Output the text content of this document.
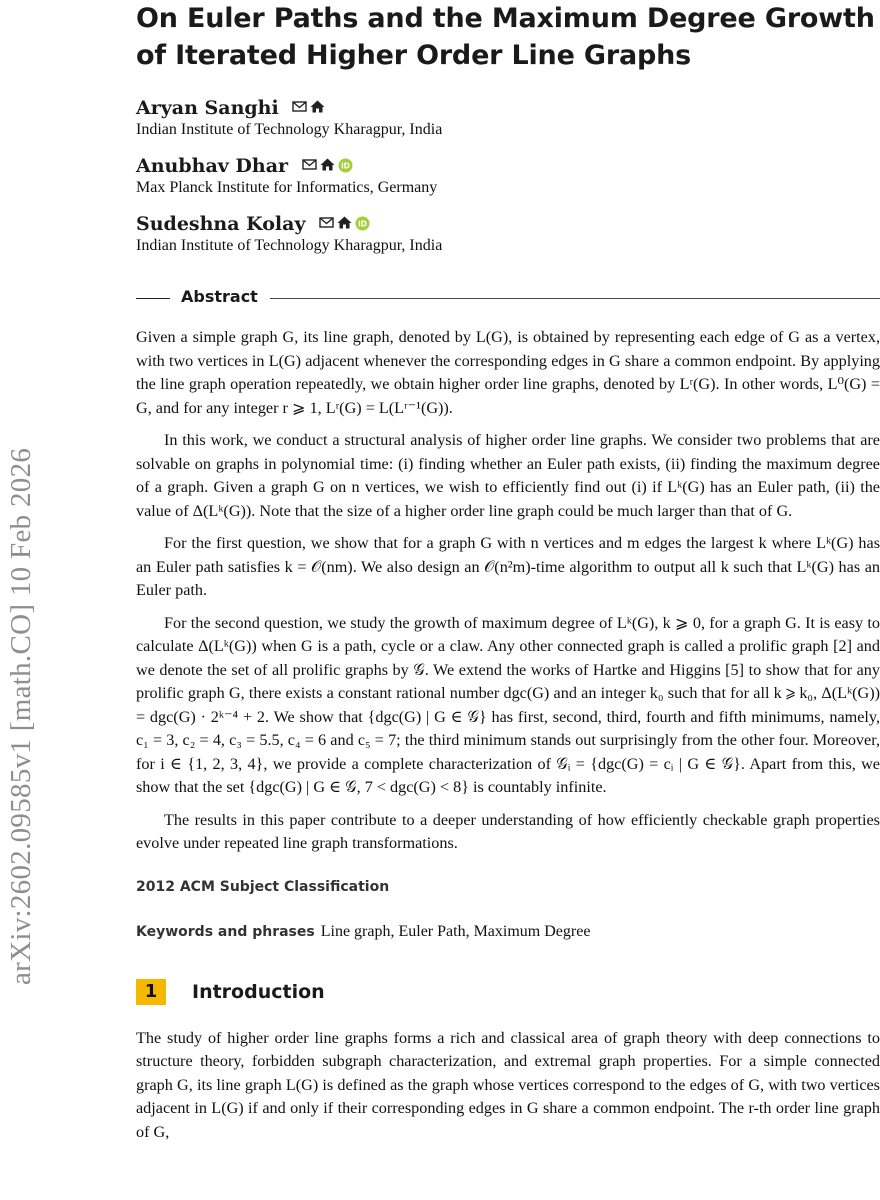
arXiv:2602.09585v1 [math.CO] 10 Feb 2026
On Euler Paths and the Maximum Degree Growth of Iterated Higher Order Line Graphs
Aryan Sanghi
Indian Institute of Technology Kharagpur, India
Anubhav Dhar	iD
Max Planck Institute for Informatics, Germany
Sudeshna Kolay	iD
Indian Institute of Technology Kharagpur, India
Abstract

Given a simple graph G, its line graph, denoted by L(G), is obtained by representing each edge of G as a vertex, with two vertices in L(G) adjacent whenever the corresponding edges in G share a common endpoint. By applying the line graph operation repeatedly, we obtain higher order line graphs, denoted by Lʳ(G). In other words, L⁰(G) = G, and for any integer r ⩾ 1, Lʳ(G) = L(Lʳ⁻¹(G)).

In this work, we conduct a structural analysis of higher order line graphs. We consider two problems that are solvable on graphs in polynomial time: (i) finding whether an Euler path exists, (ii) finding the maximum degree of a graph. Given a graph G on n vertices, we wish to efficiently find out (i) if Lᵏ(G) has an Euler path, (ii) the value of Δ(Lᵏ(G)). Note that the size of a higher order line graph could be much larger than that of G.

For the first question, we show that for a graph G with n vertices and m edges the largest k where Lᵏ(G) has an Euler path satisfies k = 𝒪(nm). We also design an 𝒪(n²m)-time algorithm to output all k such that Lᵏ(G) has an Euler path.

For the second question, we study the growth of maximum degree of Lᵏ(G), k ⩾ 0, for a graph G. It is easy to calculate Δ(Lᵏ(G)) when G is a path, cycle or a claw. Any other connected graph is called a prolific graph [2] and we denote the set of all prolific graphs by 𝒢. We extend the works of Hartke and Higgins [5] to show that for any prolific graph G, there exists a constant rational number dgc(G) and an integer k₀ such that for all k ⩾ k₀, Δ(Lᵏ(G)) = dgc(G) · 2ᵏ⁻⁴ + 2. We show that {dgc(G) | G ∈ 𝒢} has first, second, third, fourth and fifth minimums, namely, c₁ = 3, c₂ = 4, c₃ = 5.5, c₄ = 6 and c₅ = 7; the third minimum stands out surprisingly from the other four. Moreover, for i ∈ {1, 2, 3, 4}, we provide a complete characterization of 𝒢ᵢ = {dgc(G) = cᵢ | G ∈ 𝒢}. Apart from this, we show that the set {dgc(G) | G ∈ 𝒢, 7 < dgc(G) < 8} is countably infinite.

The results in this paper contribute to a deeper understanding of how efficiently checkable graph properties evolve under repeated line graph transformations.

2012 ACM Subject Classification
Keywords and phrases Line graph, Euler Path, Maximum Degree
1	Introduction

The study of higher order line graphs forms a rich and classical area of graph theory with deep connections to structure theory, forbidden subgraph characterization, and extremal graph properties. For a simple connected graph G, its line graph L(G) is defined as the graph whose vertices correspond to the edges of G, with two vertices adjacent in L(G) if and only if their corresponding edges in G share a common endpoint. The r-th order line graph of G,
